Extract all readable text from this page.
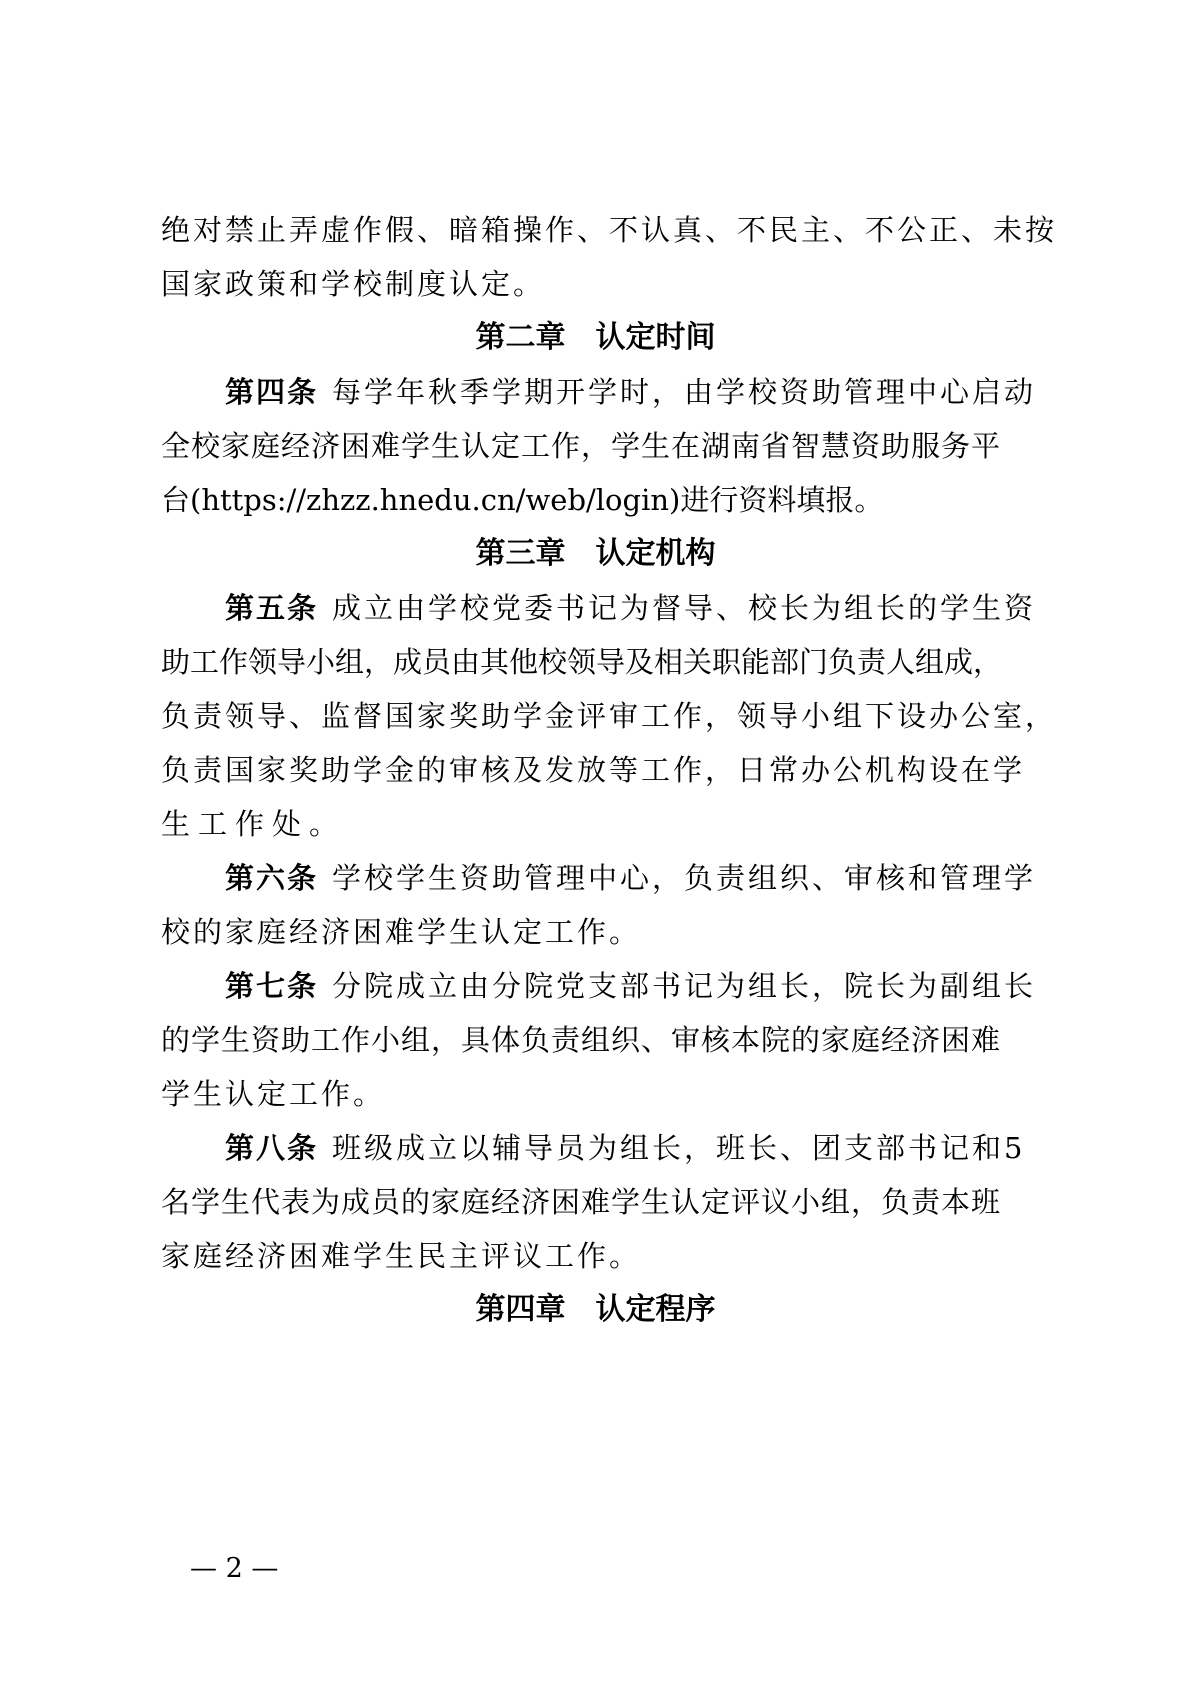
绝对禁止弄虚作假、暗箱操作、不认真、不民主、不公正、未按
国家政策和学校制度认定。
第二章　认定时间
第四条 每学年秋季学期开学时，由学校资助管理中心启动
全校家庭经济困难学生认定工作，学生在湖南省智慧资助服务平
台(https://zhzz.hnedu.cn/web/login)进行资料填报。
第三章　认定机构
第五条 成立由学校党委书记为督导、校长为组长的学生资
助工作领导小组，成员由其他校领导及相关职能部门负责人组成，
负责领导、监督国家奖助学金评审工作，领导小组下设办公室，
负责国家奖助学金的审核及发放等工作，日常办公机构设在学
生工作处。
第六条 学校学生资助管理中心，负责组织、审核和管理学
校的家庭经济困难学生认定工作。
第七条 分院成立由分院党支部书记为组长，院长为副组长
的学生资助工作小组，具体负责组织、审核本院的家庭经济困难
学生认定工作。
第八条 班级成立以辅导员为组长，班长、团支部书记和5
名学生代表为成员的家庭经济困难学生认定评议小组，负责本班
家庭经济困难学生民主评议工作。
第四章　认定程序
— 2 —
